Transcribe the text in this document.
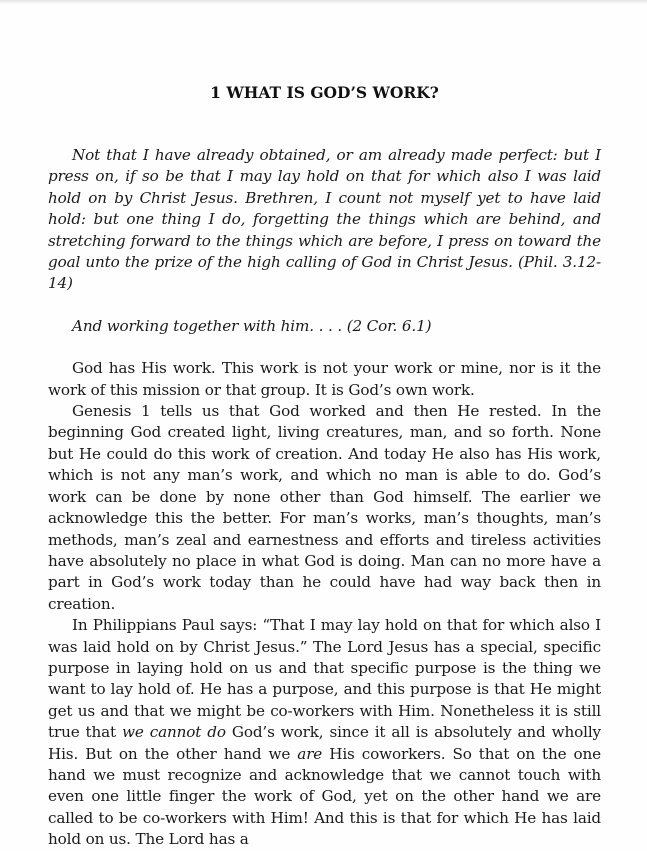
1 WHAT IS GOD’S WORK?

Not that I have already obtained, or am already made perfect: but I press on, if so be that I may lay hold on that for which also I was laid hold on by Christ Jesus. Brethren, I count not myself yet to have laid hold: but one thing I do, forgetting the things which are behind, and stretching forward to the things which are before, I press on toward the goal unto the prize of the high calling of God in Christ Jesus. (Phil. 3.12-14)

And working together with him. . . . (2 Cor. 6.1)

God has His work. This work is not your work or mine, nor is it the work of this mission or that group. It is God’s own work.

Genesis 1 tells us that God worked and then He rested. In the beginning God created light, living creatures, man, and so forth. None but He could do this work of creation. And today He also has His work, which is not any man’s work, and which no man is able to do. God’s work can be done by none other than God himself. The earlier we acknowledge this the better. For man’s works, man’s thoughts, man’s methods, man’s zeal and earnestness and efforts and tireless activities have absolutely no place in what God is doing. Man can no more have a part in God’s work today than he could have had way back then in creation.

In Philippians Paul says: “That I may lay hold on that for which also I was laid hold on by Christ Jesus.” The Lord Jesus has a special, specific purpose in laying hold on us and that specific purpose is the thing we want to lay hold of. He has a purpose, and this purpose is that He might get us and that we might be co-workers with Him. Nonetheless it is still true that we cannot do God’s work, since it all is absolutely and wholly His. But on the other hand we are His coworkers. So that on the one hand we must recognize and acknowledge that we cannot touch with even one little finger the work of God, yet on the other hand we are called to be co-workers with Him! And this is that for which He has laid hold on us. The Lord has a
